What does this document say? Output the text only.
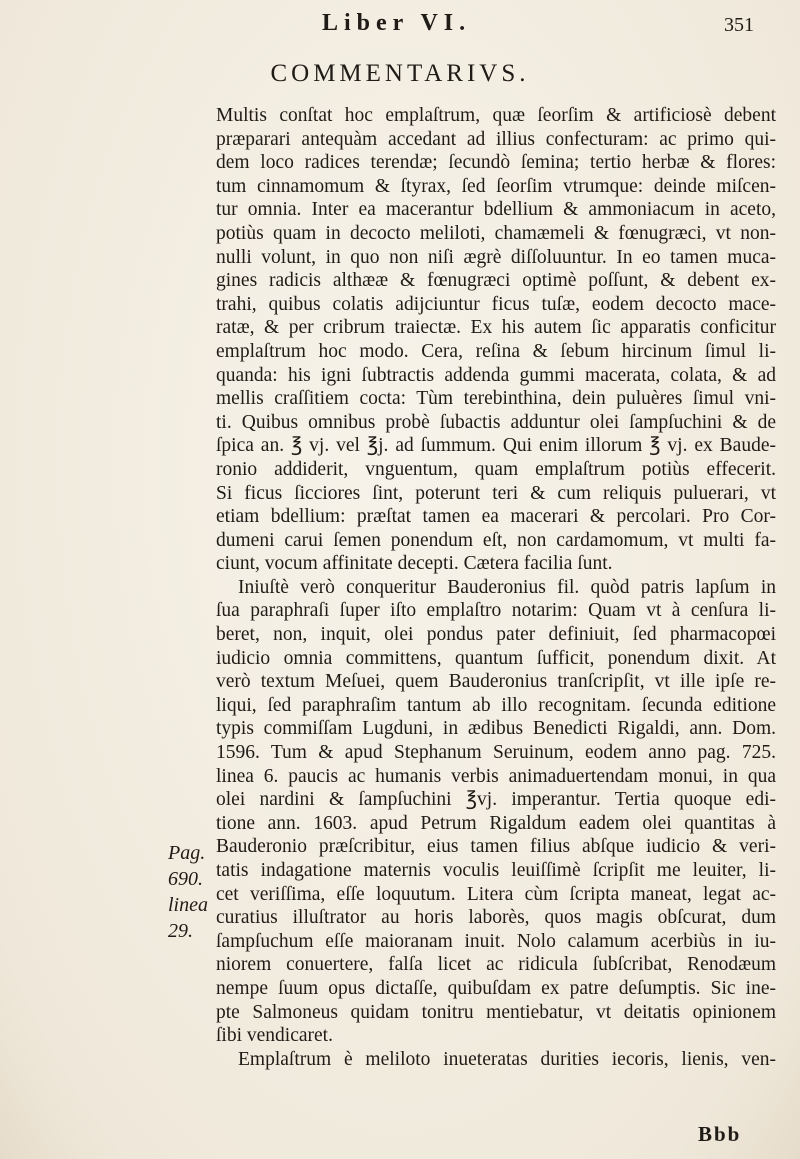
Liber VI.	351
COMMENTARIVS.
Multis conſtat hoc emplaſtrum, quæ ſeorſim & artificiosè debent
præparari antequàm accedant ad illius confecturam: ac primo qui-
dem loco radices terendæ; ſecundò ſemina; tertio herbæ & flores:
tum cinnamomum & ſtyrax, ſed ſeorſim vtrumque: deinde miſcen-
tur omnia. Inter ea macerantur bdellium & ammoniacum in aceto,
potiùs quam in decocto meliloti, chamæmeli & fœnugræci, vt non-
nulli volunt, in quo non niſi ægrè diſſoluuntur. In eo tamen muca-
gines radicis althææ & fœnugræci optimè poſſunt, & debent ex-
trahi, quibus colatis adijciuntur ficus tuſæ, eodem decocto mace-
ratæ, & per cribrum traiectæ. Ex his autem ſic apparatis conficitur
emplaſtrum hoc modo. Cera, reſina & ſebum hircinum ſimul li-
quanda: his igni ſubtractis addenda gummi macerata, colata, & ad
mellis craſſitiem cocta: Tùm terebinthina, dein puluères ſimul vni-
ti. Quibus omnibus probè ſubactis adduntur olei ſampſuchini & de
ſpica an. ℥ vj. vel ℥j. ad ſummum. Qui enim illorum ℥ vj. ex Baude-
ronio addiderit, vnguentum, quam emplaſtrum potiùs effecerit.
Si ficus ſicciores ſint, poterunt teri & cum reliquis puluerari, vt
etiam bdellium: præſtat tamen ea macerari & percolari. Pro Cor-
dumeni carui ſemen ponendum eſt, non cardamomum, vt multi fa-
ciunt, vocum affinitate decepti. Cætera facilia ſunt.
Iniuſtè verò conqueritur Bauderonius fil. quòd patris lapſum in
ſua paraphraſi ſuper iſto emplaſtro notarim: Quam vt à cenſura li-
beret, non, inquit, olei pondus pater definiuit, ſed pharmacopœi
iudicio omnia committens, quantum ſufficit, ponendum dixit. At
verò textum Meſuei, quem Bauderonius tranſcripſit, vt ille ipſe re-
liqui, ſed paraphraſim tantum ab illo recognitam. ſecunda editione
typis commiſſam Lugduni, in ædibus Benedicti Rigaldi, ann. Dom.
1596. Tum & apud Stephanum Seruinum, eodem anno pag. 725.
linea 6. paucis ac humanis verbis animaduertendam monui, in qua
olei nardini & ſampſuchini ℥vj. imperantur. Tertia quoque edi-
tione ann. 1603. apud Petrum Rigaldum eadem olei quantitas à
Bauderonio præſcribitur, eius tamen filius abſque iudicio & veri-
tatis indagatione maternis voculis leuiſſimè ſcripſit me leuiter, li-
cet veriſſima, eſſe loquutum. Litera cùm ſcripta maneat, legat ac-
curatius illuſtrator au horis laborès, quos magis obſcurat, dum
ſampſuchum eſſe maioranam inuit. Nolo calamum acerbiùs in iu-
niorem conuertere, falſa licet ac ridicula ſubſcribat, Renodæum
nempe ſuum opus dictaſſe, quibuſdam ex patre deſumptis. Sic ine-
pte Salmoneus quidam tonitru mentiebatur, vt deitatis opinionem
ſibi vendicaret.
Emplaſtrum è meliloto inueteratas durities iecoris, lienis, ven-
Pag.
690.
linea
29.
Bbb
